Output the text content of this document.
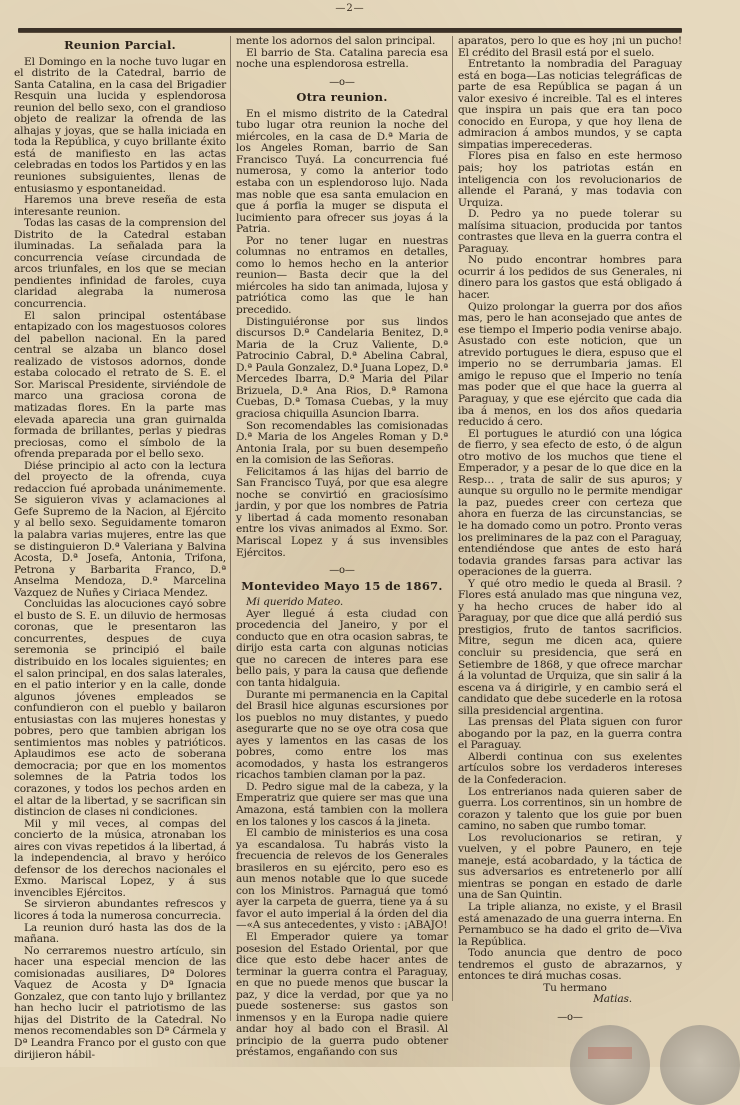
—2—
Reunion Parcial.

El Domingo en la noche tuvo lugar en el distrito de la Catedral, barrio de Santa Catalina, en la casa del Brigadier Resquin una lucida y esplendorosa reunion del bello sexo, con el grandioso objeto de realizar la ofrenda de las alhajas y joyas, que se halla iniciada en toda la República, y cuyo brillante éxito está de manifiesto en las actas celebradas en todos los Partidos y en las reuniones subsiguientes, llenas de entusiasmo y espontaneidad.

Haremos una breve reseña de esta interesante reunion.

Todas las casas de la comprension del Distrito de la Catedral estaban iluminadas. La señalada para la concurrencia veíase circundada de arcos triunfales, en los que se mecian pendientes infinidad de faroles, cuya claridad alegraba la numerosa concurrencia.

El salon principal ostentábase entapizado con los magestuosos colores del pabellon nacional. En la pared central se alzaba un blanco dosel realizado de vistosos adornos, donde estaba colocado el retrato de S. E. el Sor. Mariscal Presidente, sirviéndole de marco una graciosa corona de matizadas flores. En la parte mas elevada aparecia una gran guirnalda formada de brillantes, perlas y piedras preciosas, como el símbolo de la ofrenda preparada por el bello sexo.

Diése principio al acto con la lectura del proyecto de la ofrenda, cuya redaccion fué aprobada unánimemente. Se siguieron vivas y aclamaciones al Gefe Supremo de la Nacion, al Ejército y al bello sexo. Seguidamente tomaron la palabra varias mujeres, entre las que se distinguieron D.ª Valeriana y Balvina Acosta, D.ª Josefa, Antonia, Trifona, Petrona y Barbarita Franco, D.ª Anselma Mendoza, D.ª Marcelina Vazquez de Nuñes y Ciriaca Mendez.

Concluidas las alocuciones cayó sobre el busto de S. E. un diluvio de hermosas coronas, que le presentaron las concurrentes, despues de cuya seremonia se principió el baile distribuido en los locales siguientes; en el salon principal, en dos salas laterales, en el patio interior y en la calle, donde algunos jóvenes empleados se confundieron con el pueblo y bailaron entusiastas con las mujeres honestas y pobres, pero que tambien abrigan los sentimientos mas nobles y patrióticos. Aplaudimos ese acto de soberana democracia; por que en los momentos solemnes de la Patria todos los corazones, y todos los pechos arden en el altar de la libertad, y se sacrifican sin distincion de clases ni condiciones.

Mil y mil veces, al compas del concierto de la música, atronaban los aires con vivas repetidos á la libertad, á la independencia, al bravo y heróico defensor de los derechos nacionales el Exmo. Mariscal Lopez, y á sus invencibles Ejércitos.

Se sirvieron abundantes refrescos y licores á toda la numerosa concurrecia.

La reunion duró hasta las dos de la mañana.

No cerraremos nuestro artículo, sin hacer una especial mencion de las comisionadas ausiliares, Dª Dolores Vaquez de Acosta y Dª Ignacia Gonzalez, que con tanto lujo y brillantez han hecho lucir el patriotismo de las hijas del Distrito de la Catedral. No menos recomendables son Dª Cármela y Dª Leandra Franco por el gusto con que dirijieron hábil-

mente los adornos del salon principal.

El barrio de Sta. Catalina parecia esa noche una esplendorosa estrella.

—o—
Otra reunion.

En el mismo distrito de la Catedral tubo lugar otra reunion la noche del miércoles, en la casa de D.ª Maria de los Angeles Roman, barrio de San Francisco Tuyá. La concurrencia fué numerosa, y como la anterior todo estaba con un esplendoroso lujo. Nada mas noble que esa santa emulacion en que á porfia la muger se disputa el lucimiento para ofrecer sus joyas á la Patria.

Por no tener lugar en nuestras columnas no entramos en detalles, como lo hemos hecho en la anterior reunion— Basta decir que la del miércoles ha sido tan animada, lujosa y patriótica como las que le han precedido.

Distinguiéronse por sus lindos discursos D.ª Candelaria Benitez, D.ª Maria de la Cruz Valiente, D.ª Patrocinio Cabral, D.ª Abelina Cabral, D.ª Paula Gonzalez, D.ª Juana Lopez, D.ª Mercedes Ibarra, D.ª Maria del Pilar Brizuela, D.ª Ana Rios, D.ª Ramona Cuebas, D.ª Tomasa Cuebas, y la muy graciosa chiquilla Asuncion Ibarra.

Son recomendables las comisionadas D.ª Maria de los Angeles Roman y D.ª Antonia Irala, por su buen desempeño en la comision de las Señoras.

Felicitamos á las hijas del barrio de San Francisco Tuyá, por que esa alegre noche se convirtió en graciosísimo jardin, y por que los nombres de Patria y libertad á cada momento resonaban entre los vivas animados al Exmo. Sor. Mariscal Lopez y á sus invensibles Ejércitos.

—o—
Montevideo Mayo 15 de 1867.

Mi querido Mateo.

Ayer llegué á esta ciudad con procedencia del Janeiro, y por el conducto que en otra ocasion sabras, te dirijo esta carta con algunas noticias que no carecen de interes para ese bello pais, y para la causa que defiende con tanta hidalguia.

Durante mi permanencia en la Capital del Brasil hice algunas escursiones por los pueblos no muy distantes, y puedo asegurarte que no se oye otra cosa que ayes y lamentos en las casas de los pobres, como entre los mas acomodados, y hasta los estrangeros ricachos tambien claman por la paz.

D. Pedro sigue mal de la cabeza, y la Emperatriz que quiere ser mas que una Amazona, está tambien con la mollera en los talones y los cascos á la jineta.

El cambio de ministerios es una cosa ya escandalosa. Tu habrás visto la frecuencia de relevos de los Generales brasileros en su ejército, pero eso es aun menos notable que lo que sucede con los Ministros. Parnaguá que tomó ayer la carpeta de guerra, tiene ya á su favor el auto imperial á la órden del dia—«A sus antecedentes, y visto : ¡ABAJO!

El Emperador quiere ya tomar posesion del Estado Oriental, por que dice que esto debe hacer antes de terminar la guerra contra el Paraguay, en que no puede menos que buscar la paz, y dice la verdad, por que ya no puede sostenerse: sus gastos son inmensos y en la Europa nadie quiere andar hoy al bado con el Brasil. Al principio de la guerra pudo obtener préstamos, engañando con sus

aparatos, pero lo que es hoy ¡ni un pucho! El crédito del Brasil está por el suelo.

Entretanto la nombradia del Paraguay está en boga—Las noticias telegráficas de parte de esa República se pagan á un valor exesivo é increible. Tal es el interes que inspira un pais que era tan poco conocido en Europa, y que hoy llena de admiracion á ambos mundos, y se capta simpatias imperecederas.

Flores pisa en falso en este hermoso pais; hoy los patriotas están en inteligencia con los revolucionarios de allende el Paraná, y mas todavia con Urquiza.

D. Pedro ya no puede tolerar su malísima situacion, producida por tantos contrastes que lleva en la guerra contra el Paraguay.

No pudo encontrar hombres para ocurrir á los pedidos de sus Generales, ni dinero para los gastos que está obligado á hacer.

Quizo prolongar la guerra por dos años mas, pero le han aconsejado que antes de ese tiempo el Imperio podia venirse abajo. Asustado con este noticion, que un atrevido portugues le diera, espuso que el imperio no se derrumbaria jamas. El amigo le repuso que el Imperio no tenía mas poder que el que hace la guerra al Paraguay, y que ese ejército que cada dia iba á menos, en los dos años quedaria reducido á cero.

El portugues le aturdió con una lógica de fierro, y sea efecto de esto, ó de algun otro motivo de los muchos que tiene el Emperador, y a pesar de lo que dice en la Resp… , trata de salir de sus apuros; y aunque su orgullo no le permite mendigar la paz, puedes creer con certeza que ahora en fuerza de las circunstancias, se le ha domado como un potro. Pronto veras los preliminares de la paz con el Paraguay, entendiéndose que antes de esto hará todavia grandes farsas para activar las operaciones de la guerra.

Y qué otro medio le queda al Brasil. ? Flores está anulado mas que ninguna vez, y ha hecho cruces de haber ido al Paraguay, por que dice que allá perdió sus prestigios, fruto de tantos sacrificios. Mitre, segun me dicen aca, quiere concluir su presidencia, que será en Setiembre de 1868, y que ofrece marchar á la voluntad de Urquiza, que sin salir á la escena va á dirigirle, y en cambio será el candidato que debe sucederle en la rotosa silla presidencial argentina.

Las prensas del Plata siguen con furor abogando por la paz, en la guerra contra el Paraguay.

Alberdi continua con sus exelentes artículos sobre los verdaderos intereses de la Confederacion.

Los entrerianos nada quieren saber de guerra. Los correntinos, sin un hombre de corazon y talento que los guie por buen camino, no saben que rumbo tomar.

Los revolucionarios se retiran, y vuelven, y el pobre Paunero, en teje maneje, está acobardado, y la táctica de sus adversarios es entretenerlo por allí mientras se pongan en estado de darle una de San Quintin.

La triple alianza, no existe, y el Brasil está amenazado de una guerra interna. En Pernambuco se ha dado el grito de—Viva la República.

Todo anuncia que dentro de poco tendremos el gusto de abrazarnos, y entonces te dirá muchas cosas.

Tu hermano

Matias.

—o—
